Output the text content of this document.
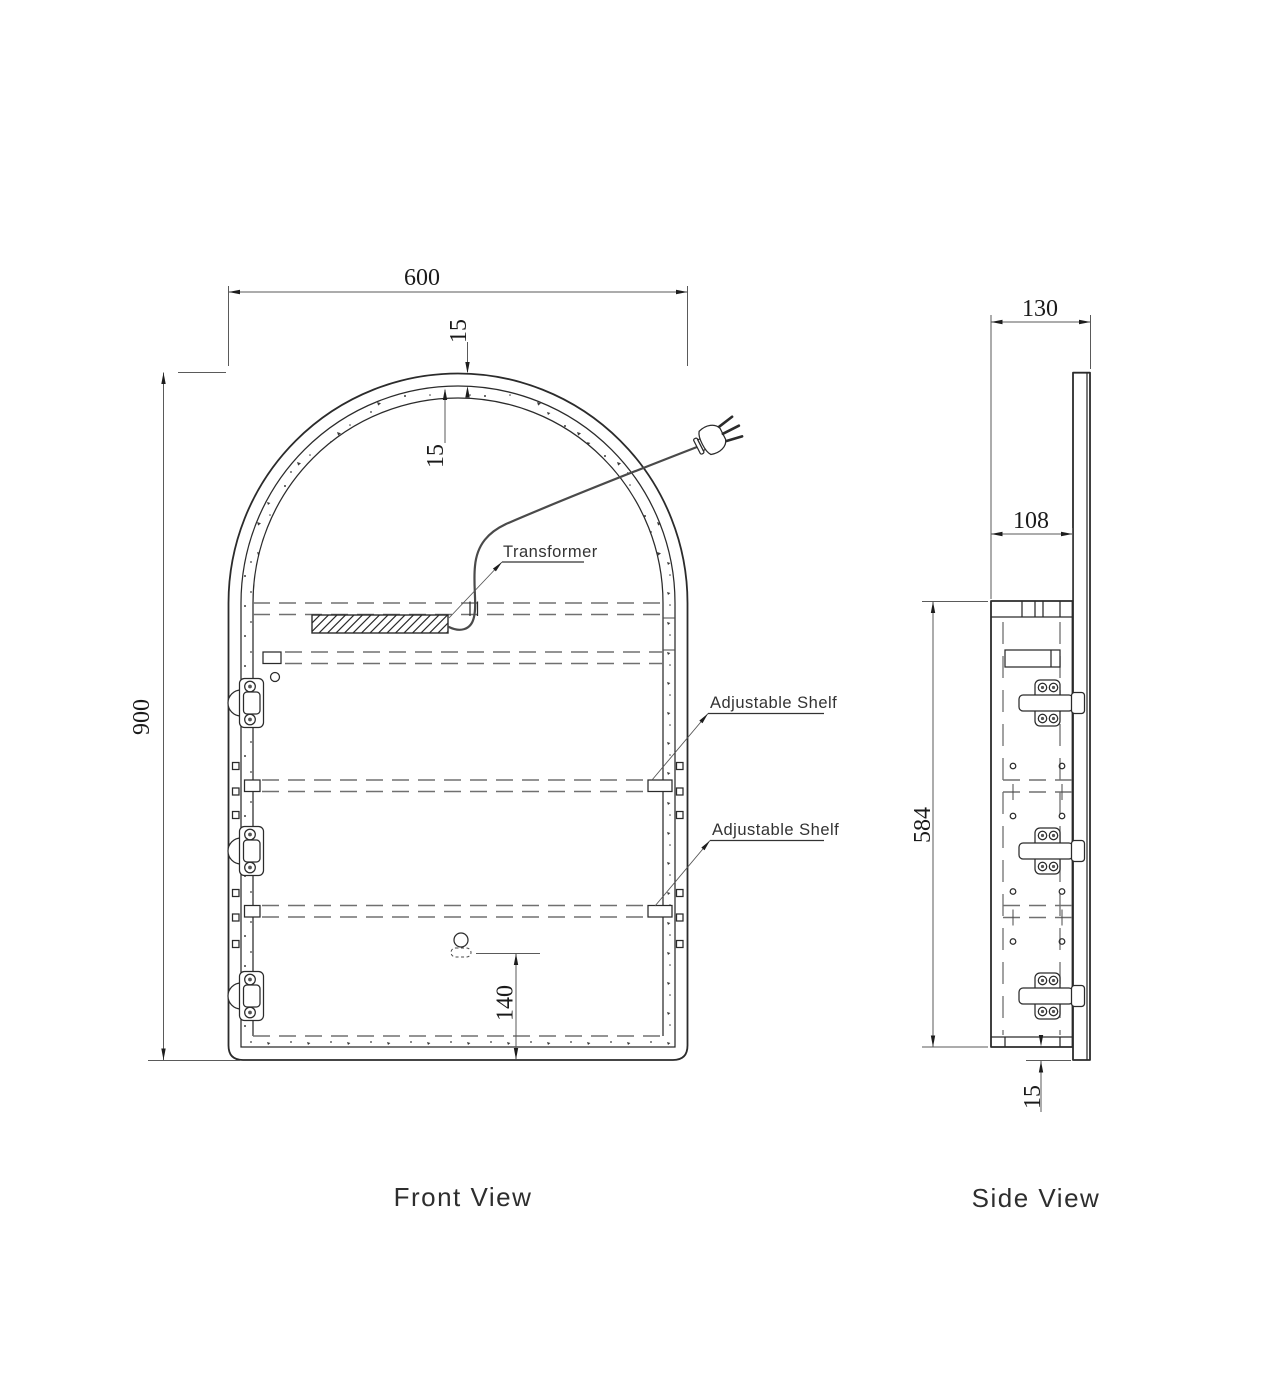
600
15
15
900
140
Transformer
Adjustable Shelf
Adjustable Shelf
Front View
130
108
584
15
Side View
